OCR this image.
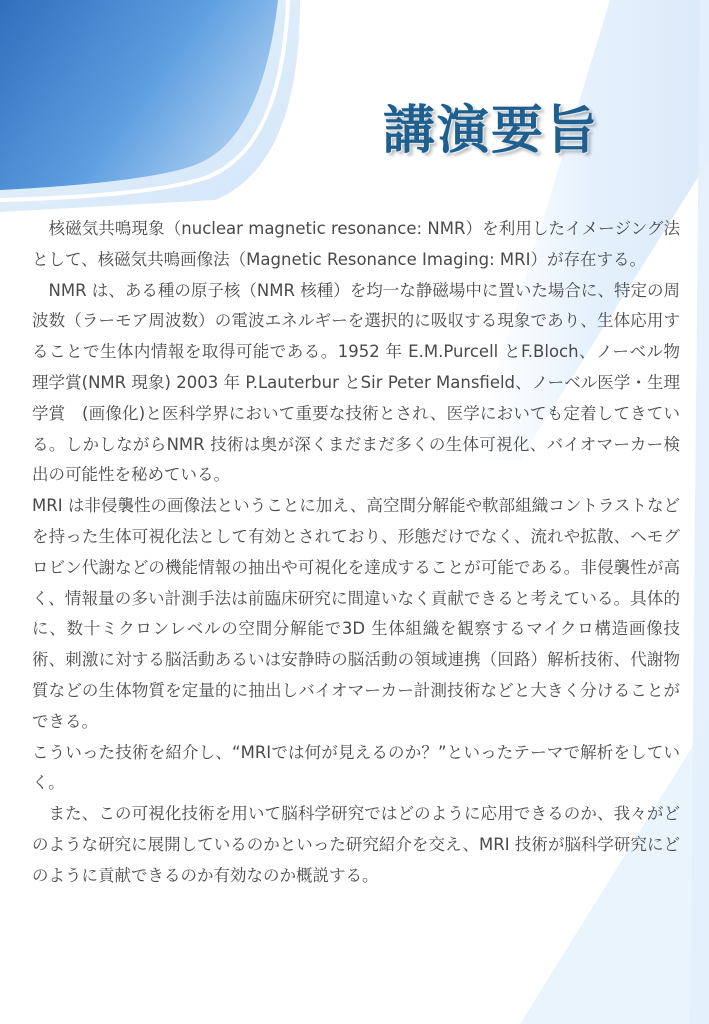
講演要旨

核磁気共鳴現象（nuclear magnetic resonance: NMR）を利用したイメージング法として、核磁気共鳴画像法（Magnetic Resonance Imaging: MRI）が存在する。

NMR は、ある種の原子核（NMR 核種）を均一な静磁場中に置いた場合に、特定の周波数（ラーモア周波数）の電波エネルギーを選択的に吸収する現象であり、生体応用することで生体内情報を取得可能である。1952 年 E.M.Purcell とF.Bloch、ノーベル物理学賞(NMR 現象) 2003 年 P.Lauterbur とSir Peter Mansfield、ノーベル医学・生理学賞　(画像化)と医科学界において重要な技術とされ、医学においても定着してきている。しかしながらNMR 技術は奥が深くまだまだ多くの生体可視化、バイオマーカー検出の可能性を秘めている。

MRI は非侵襲性の画像法ということに加え、高空間分解能や軟部組織コントラストなどを持った生体可視化法として有効とされており、形態だけでなく、流れや拡散、ヘモグロビン代謝などの機能情報の抽出や可視化を達成することが可能である。非侵襲性が高く、情報量の多い計測手法は前臨床研究に間違いなく貢献できると考えている。具体的に、数十ミクロンレベルの空間分解能で3D 生体組織を観察するマイクロ構造画像技術、刺激に対する脳活動あるいは安静時の脳活動の領域連携（回路）解析技術、代謝物質などの生体物質を定量的に抽出しバイオマーカー計測技術などと大きく分けることができる。

こういった技術を紹介し、“MRIでは何が見えるのか？”といったテーマで解析をしていく。

また、この可視化技術を用いて脳科学研究ではどのように応用できるのか、我々がどのような研究に展開しているのかといった研究紹介を交え、MRI 技術が脳科学研究にどのように貢献できるのか有効なのか概説する。
